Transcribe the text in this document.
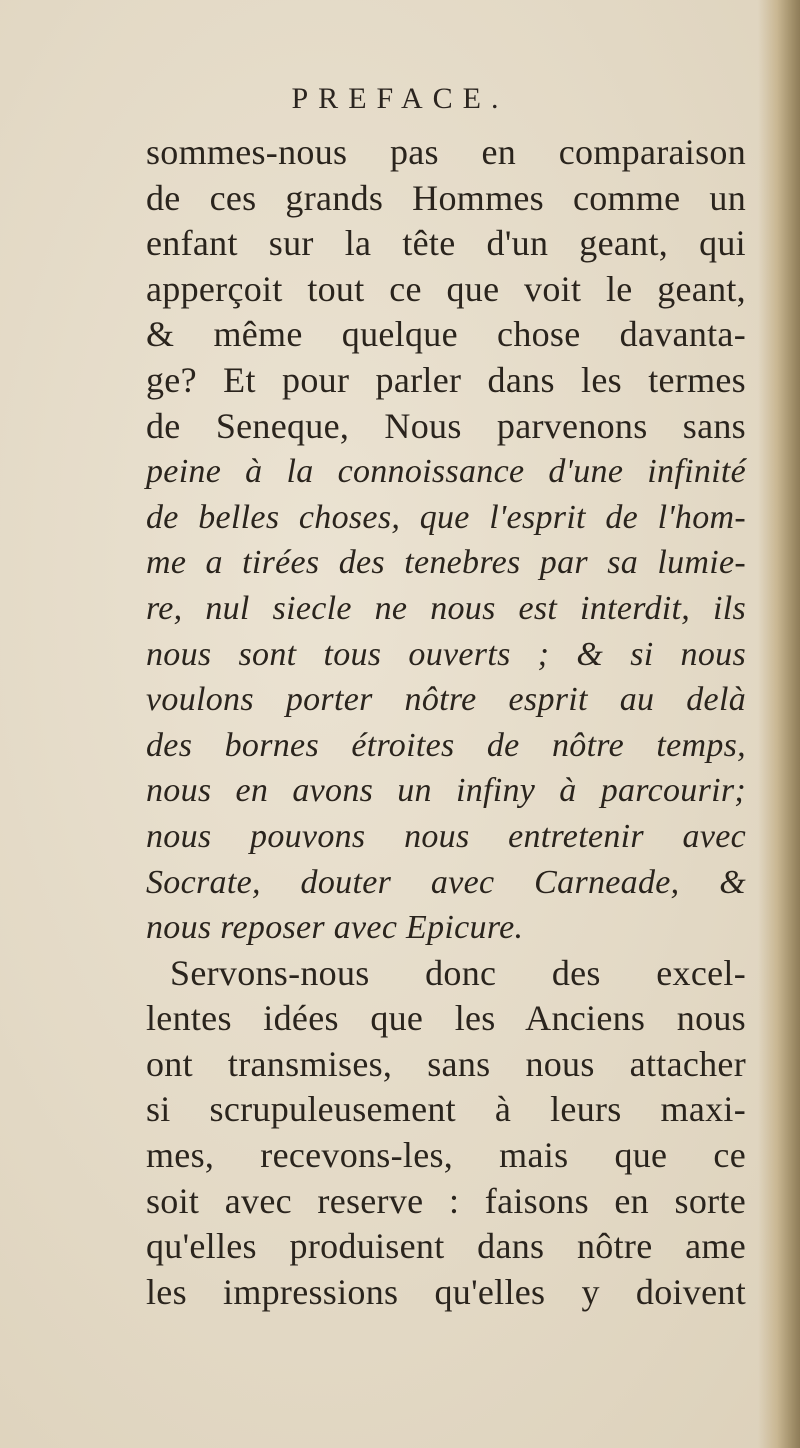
PREFACE.
sommes-nous pas en comparaison
de ces grands Hommes comme un
enfant sur la tête d'un geant, qui
apperçoit tout ce que voit le geant,
& même quelque chose davanta-
ge? Et pour parler dans les termes
de Seneque, Nous parvenons sans
peine à la connoissance d'une infinité
de belles choses, que l'esprit de l'hom-
me a tirées des tenebres par sa lumie-
re, nul siecle ne nous est interdit, ils
nous sont tous ouverts ; & si nous
voulons porter nôtre esprit au delà
des bornes étroites de nôtre temps,
nous en avons un infiny à parcourir;
nous pouvons nous entretenir avec
Socrate, douter avec Carneade, &
nous reposer avec Epicure.
Servons-nous donc des excel-
lentes idées que les Anciens nous
ont transmises, sans nous attacher
si scrupuleusement à leurs maxi-
mes, recevons-les, mais que ce
soit avec reserve : faisons en sorte
qu'elles produisent dans nôtre ame
les impressions qu'elles y doivent
